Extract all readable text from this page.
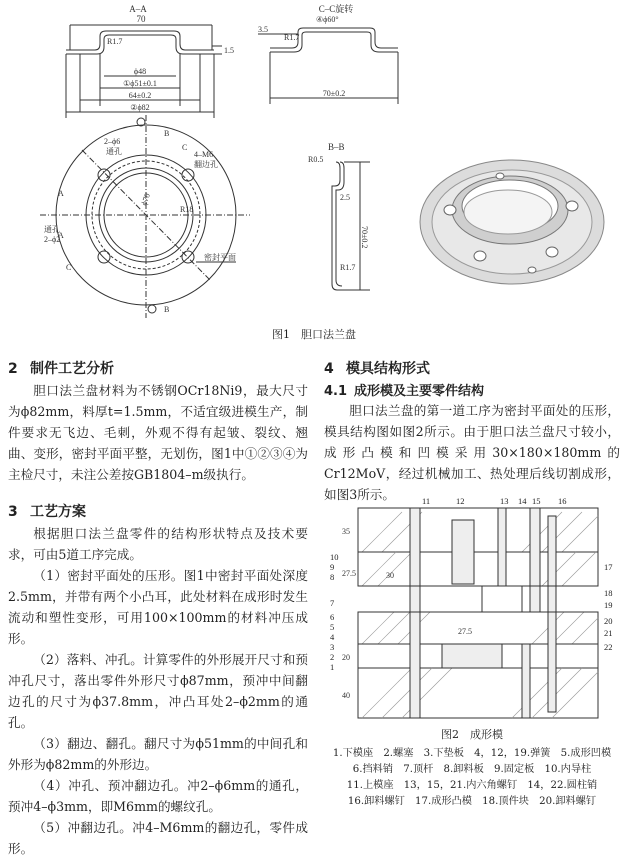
A–A
70
R1.7
1.5
ϕ48
①ϕ51±0.1
64±0.2
②ϕ82
C–C旋转
3.5
④ϕ60°
R1.7
70±0.2
2–ϕ6
通孔	4–M6
翻边孔
ϕ70
R18
2–ϕ2
通孔
密封平面
A
A
B
B
C
C
B–B
R0.5
2.5
70±0.2
R1.7
图1　胆口法兰盘
2 制件工艺分析

胆口法兰盘材料为不锈钢OCr18Ni9，最大尺寸为ϕ82mm，料厚t=1.5mm，不适宜级进模生产，制件要求无飞边、毛刺，外观不得有起皱、裂纹、翘曲、变形，密封平面平整，无划伤，图1中①②③④为主检尺寸，未注公差按GB1804–m级执行。

3 工艺方案

根据胆口法兰盘零件的结构形状特点及技术要求，可由5道工序完成。

（1）密封平面处的压形。图1中密封平面处深度2.5mm，并带有两个小凸耳，此处材料在成形时发生流动和塑性变形，可用100×100mm的材料冲压成形。

（2）落料、冲孔。计算零件的外形展开尺寸和预冲孔尺寸，落出零件外形尺寸ϕ87mm，预冲中间翻边孔的尺寸为ϕ37.8mm，冲凸耳处2–ϕ2mm的通孔。

（3）翻边、翻孔。翻尺寸为ϕ51mm的中间孔和外形为ϕ82mm的外形边。

（4）冲孔、预冲翻边孔。冲2–ϕ6mm的通孔，预冲4–ϕ3mm，即M6mm的螺纹孔。

（5）冲翻边孔。冲4–M6mm的翻边孔，零件成形。

4 模具结构形式
4.1 成形模及主要零件结构

胆口法兰盘的第一道工序为密封平面处的压形，模具结构图如图2所示。由于胆口法兰盘尺寸较小，成形凸模和凹模采用30×180×180mm的Cr12MoV，经过机械加工、热处理后线切割成形，如图3所示。

35
27.5	30
27.5
20
40
11	12	13 14 15 16
10
9
8
17
7
18
19
6
5
4
20
21
22
3
2
1
图2　成形模
1.下模座　2.螺塞　3.下垫板　4，12，19.弹簧　5.成形凹模
6.挡料销　7.顶杆　8.卸料板　9.固定板　10.内导柱
11.上模座　13，15，21.内六角螺钉　14，22.圆柱销
16.卸料螺钉　17.成形凸模　18.顶件块　20.卸料螺钉
